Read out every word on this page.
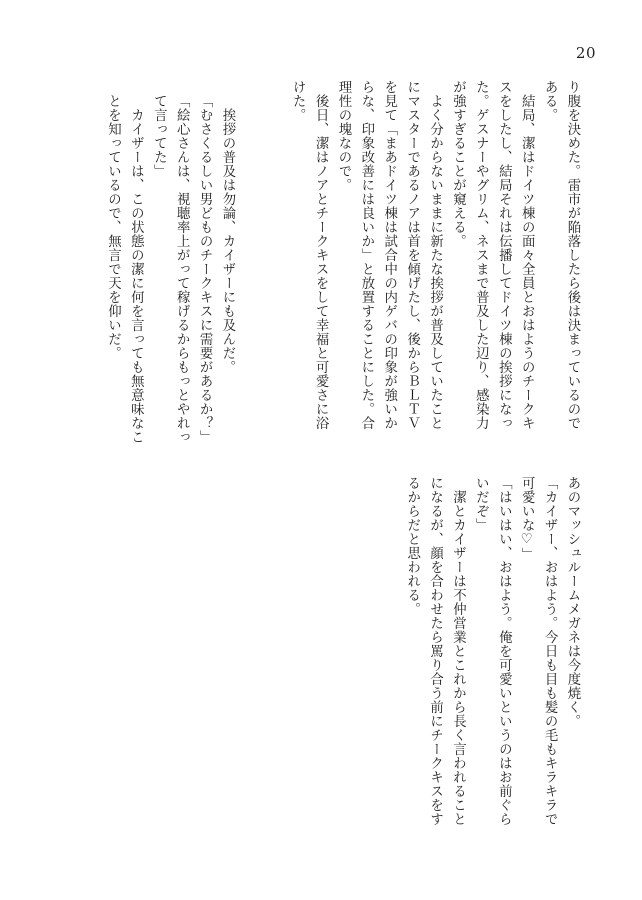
20

り腹を決めた。雷市が陥落したら後は決まっているので

ある。

　結局、潔はドイツ棟の面々全員とおはようのチークキ

スをしたし、結局それは伝播してドイツ棟の挨拶になっ

た。ゲスナーやグリム、ネスまで普及した辺り、感染力

が強すぎることが窺える。

　よく分からないままに新たな挨拶が普及していたこと

にマスターであるノアは首を傾げたし、後からＢＬＴＶ

を見て「まあドイツ棟は試合中の内ゲバの印象が強いか

らな、印象改善には良いか」と放置することにした。合

理性の塊なので。

　後日、潔はノアとチークキスをして幸福と可愛さに浴

けた。

あのマッシュルームメガネは今度焼く。

「カイザー、おはよう。今日も目も髪の毛もキラキラで

可愛いな♡」

「はいはい、おはよう。俺を可愛いというのはお前ぐら

いだぞ」

　潔とカイザーは不仲営業とこれから長く言われること

になるが、顔を合わせたら罵り合う前にチークキスをす

るからだと思われる。

　挨拶の普及は勿論、カイザーにも及んだ。

「むさくるしい男どものチークキスに需要があるか？」

「絵心さんは、視聴率上がって稼げるからもっとやれっ

て言ってた」

　カイザーは、この状態の潔に何を言っても無意味なこ

とを知っているので、無言で天を仰いだ。
